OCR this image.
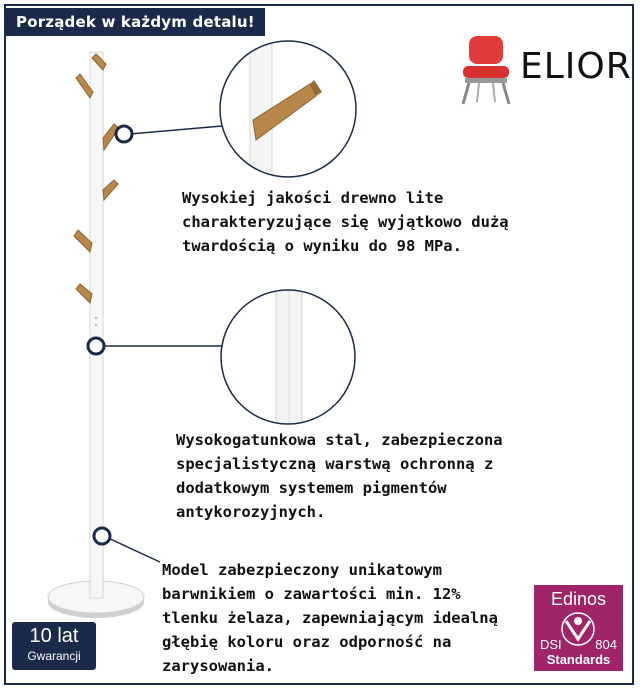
Porządek w każdym detalu!
ELIOR
Wysokiej jakości drewno lite
charakteryzujące się wyjątkowo dużą
twardością o wyniku do 98 MPa.
Wysokogatunkowa stal, zabezpieczona
specjalistyczną warstwą ochronną z
dodatkowym systemem pigmentów
antykorozyjnych.
Model zabezpieczony unikatowym
barwnikiem o zawartości min. 12%
tlenku żelaza, zapewniającym idealną
głębię koloru oraz odporność na
zarysowania.
10 lat
Gwarancji
Edinos
DSI	804
Standards
